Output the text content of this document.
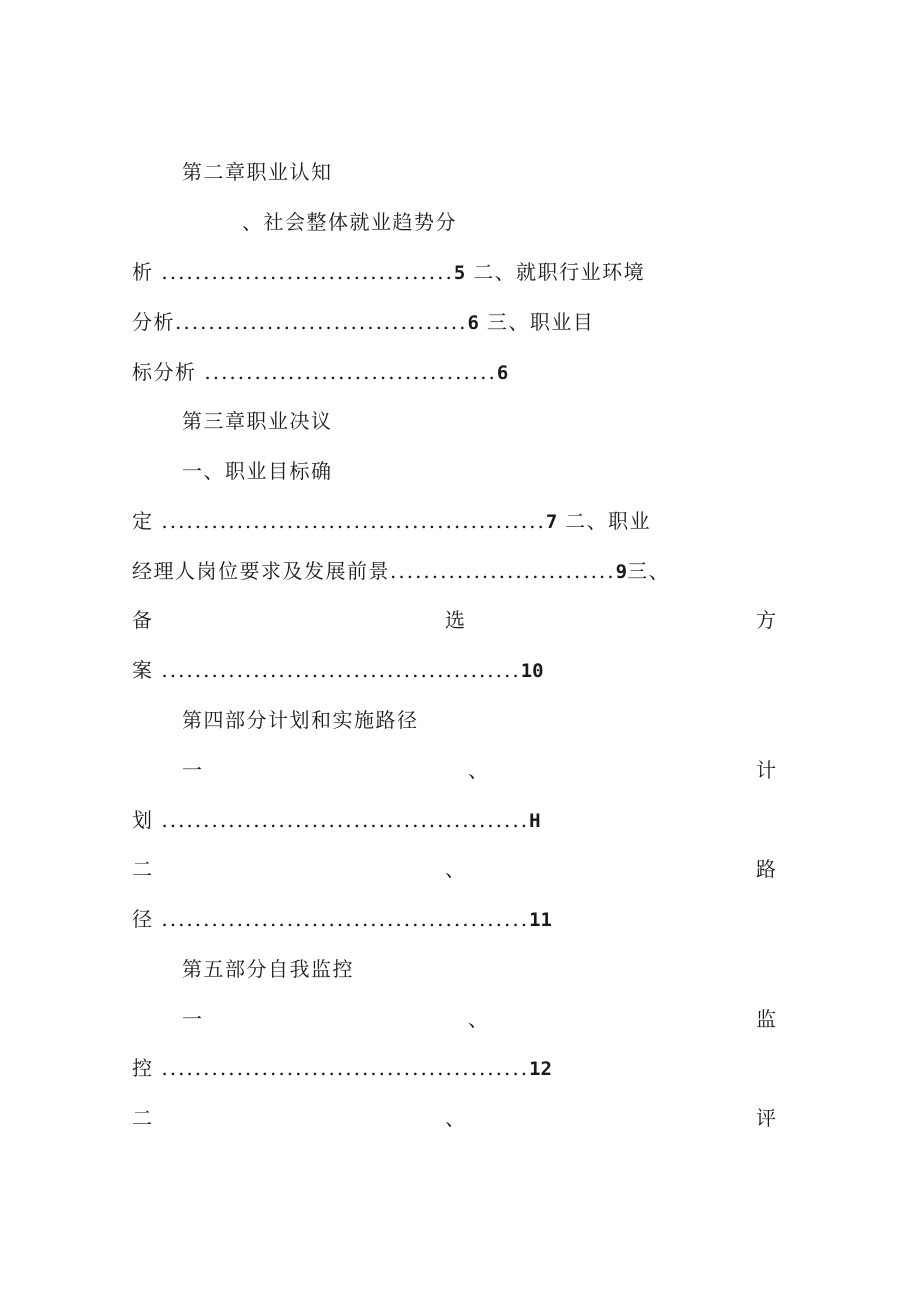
第二章职业认知
、社会整体就业趋势分
析 ...................................5 二、就职行业环境
分析...................................6 三、职业目
标分析 ...................................6
第三章职业决议
一、职业目标确
定 ..............................................7 二、职业
经理人岗位要求及发展前景...........................9三、
备	选	方
案 ...........................................10
第四部分计划和实施路径
一	、	计
划 ............................................H
二	、	路
径 ............................................11
第五部分自我监控
一	、	监
控 ............................................12
二	、	评
